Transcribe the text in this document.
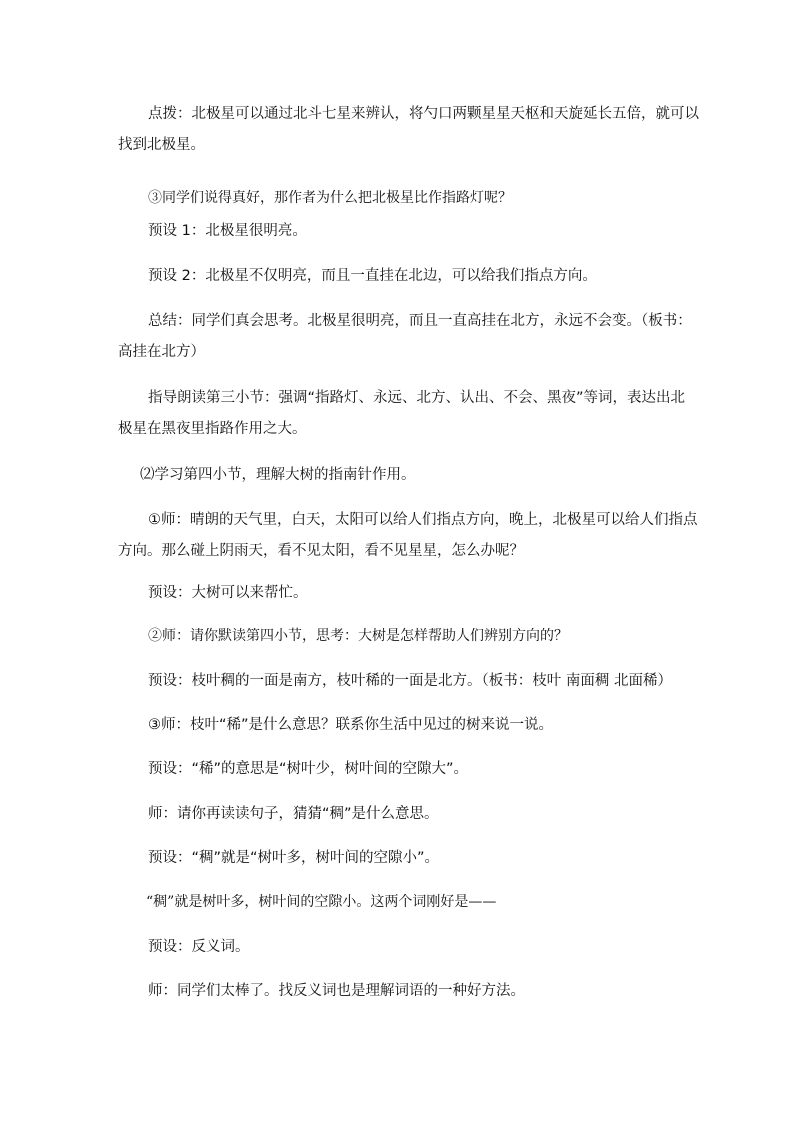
点拨：北极星可以通过北斗七星来辨认，将勺口两颗星星天枢和天旋延长五倍，就可以
找到北极星。

③同学们说得真好，那作者为什么把北极星比作指路灯呢？

预设 1：北极星很明亮。

预设 2：北极星不仅明亮，而且一直挂在北边，可以给我们指点方向。

总结：同学们真会思考。北极星很明亮，而且一直高挂在北方，永远不会变。（板书：
高挂在北方）

指导朗读第三小节：强调“指路灯、永远、北方、认出、不会、黑夜”等词，表达出北
极星在黑夜里指路作用之大。

⑵学习第四小节，理解大树的指南针作用。

①师：晴朗的天气里，白天，太阳可以给人们指点方向，晚上，北极星可以给人们指点
方向。那么碰上阴雨天，看不见太阳，看不见星星，怎么办呢？

预设：大树可以来帮忙。

②师：请你默读第四小节，思考：大树是怎样帮助人们辨别方向的？

预设：枝叶稠的一面是南方，枝叶稀的一面是北方。（板书：枝叶 南面稠 北面稀）

③师：枝叶“稀”是什么意思？联系你生活中见过的树来说一说。

预设：“稀”的意思是“树叶少，树叶间的空隙大”。

师：请你再读读句子，猜猜“稠”是什么意思。

预设：“稠”就是“树叶多，树叶间的空隙小”。

“稠”就是树叶多，树叶间的空隙小。这两个词刚好是——

预设：反义词。

师：同学们太棒了。找反义词也是理解词语的一种好方法。
